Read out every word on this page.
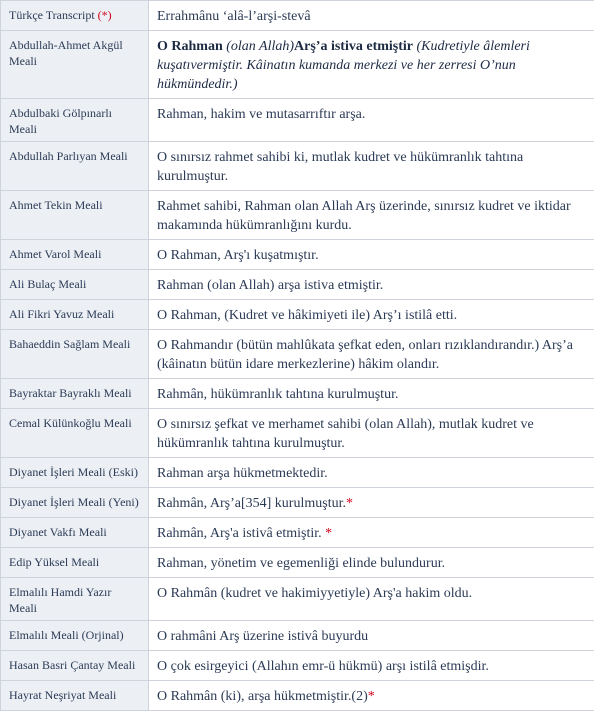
Türkçe Transcript (*)	Errahmânu ‘alâ-l’arşi-stevâ
Abdullah-Ahmet Akgül Meali	O Rahman (olan Allah)Arş’a istiva etmiştir (Kudretiyle âlemleri kuşatıvermiştir. Kâinatın kumanda merkezi ve her zerresi O’nun hükmündedir.)
Abdulbaki Gölpınarlı Meali	Rahman, hakim ve mutasarrıftır arşa.
Abdullah Parlıyan Meali	O sınırsız rahmet sahibi ki, mutlak kudret ve hükümranlık tahtına kurulmuştur.
Ahmet Tekin Meali	Rahmet sahibi, Rahman olan Allah Arş üzerinde, sınırsız kudret ve iktidar makamında hükümranlığını kurdu.
Ahmet Varol Meali	O Rahman, Arş'ı kuşatmıştır.
Ali Bulaç Meali	Rahman (olan Allah) arşa istiva etmiştir.
Ali Fikri Yavuz Meali	O Rahman, (Kudret ve hâkimiyeti ile) Arş’ı istilâ etti.
Bahaeddin Sağlam Meali	O Rahmandır (bütün mahlûkata şefkat eden, onları rızıklandırandır.) Arş’a (kâinatın bütün idare merkezlerine) hâkim olandır.
Bayraktar Bayraklı Meali	Rahmân, hükümranlık tahtına kurulmuştur.
Cemal Külünkoğlu Meali	O sınırsız şefkat ve merhamet sahibi (olan Allah), mutlak kudret ve hükümranlık tahtına kurulmuştur.
Diyanet İşleri Meali (Eski)	Rahman arşa hükmetmektedir.
Diyanet İşleri Meali (Yeni)	Rahmân, Arş’a[354] kurulmuştur.*
Diyanet Vakfı Meali	Rahmân, Arş'a istivâ etmiştir. *
Edip Yüksel Meali	Rahman, yönetim ve egemenliği elinde bulundurur.
Elmalılı Hamdi Yazır Meali	O Rahmân (kudret ve hakimiyyetiyle) Arş'a hakim oldu.
Elmalılı Meali (Orjinal)	O rahmâni Arş üzerine istivâ buyurdu
Hasan Basri Çantay Meali	O çok esirgeyici (Allahın emr-ü hükmü) arşı istilâ etmişdir.
Hayrat Neşriyat Meali	O Rahmân (ki), arşa hükmetmiştir.(2)*
